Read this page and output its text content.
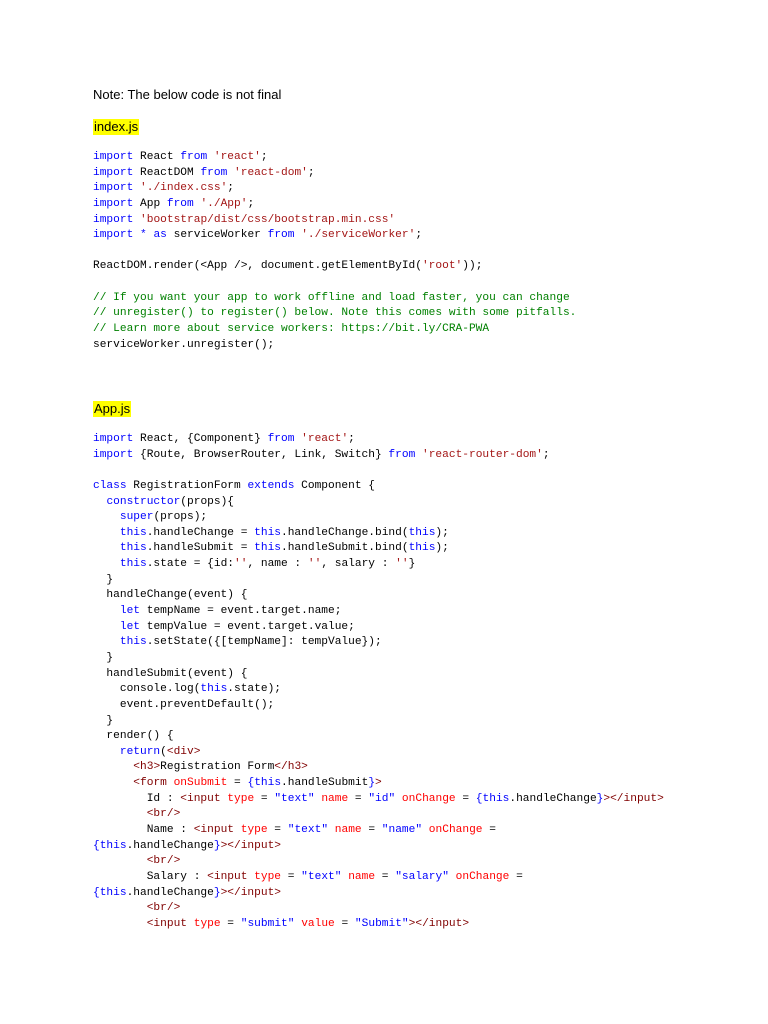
Note: The below code is not final
index.js
import React from 'react';
import ReactDOM from 'react-dom';
import './index.css';
import App from './App';
import 'bootstrap/dist/css/bootstrap.min.css'
import * as serviceWorker from './serviceWorker';
ReactDOM.render(<App />, document.getElementById('root'));
// If you want your app to work offline and load faster, you can change
// unregister() to register() below. Note this comes with some pitfalls.
// Learn more about service workers: https://bit.ly/CRA-PWA
serviceWorker.unregister();
App.js
import React, {Component} from 'react';
import {Route, BrowserRouter, Link, Switch} from 'react-router-dom';
class RegistrationForm extends Component {
constructor(props){
super(props);
this.handleChange = this.handleChange.bind(this);
this.handleSubmit = this.handleSubmit.bind(this);
this.state = {id:'', name : '', salary : ''}
}
handleChange(event) {
let tempName = event.target.name;
let tempValue = event.target.value;
this.setState({[tempName]: tempValue});
}
handleSubmit(event) {
console.log(this.state);
event.preventDefault();
}
render() {
return(<div>
<h3>Registration Form</h3>
<form onSubmit = {this.handleSubmit}>
Id : <input type = "text" name = "id" onChange = {this.handleChange}></input>
<br/>
Name : <input type = "text" name = "name" onChange =
{this.handleChange}></input>
<br/>
Salary : <input type = "text" name = "salary" onChange =
{this.handleChange}></input>
<br/>
<input type = "submit" value = "Submit"></input>
